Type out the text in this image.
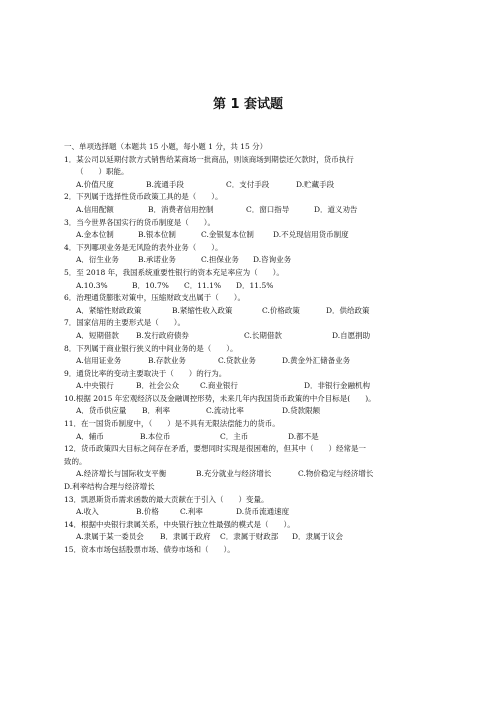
第 1 套试题
一、单项选择题（本题共 15 小题，每小题 1 分，共 15 分）
1．某公司以延期付款方式销售给某商场一批商品，则该商场到期偿还欠款时，货币执行
（　　）职能。
A.价值尺度	B.流通手段	C．支付手段	D.贮藏手段
2．下列属于选择性货币政策工具的是（　　）。
A.信用配额	B．消费者信用控制	C．窗口指导	D．道义劝告
3．当今世界各国实行的货币制度是（　　）。
A.金本位制	B.银本位制	C.金银复本位制	D.不兑现信用货币制度
4．下列哪项业务是无风险的表外业务（　　）。
A．衍生业务	B.承诺业务	C.担保业务	D.咨询业务
5．至 2018 年，我国系统重要性银行的资本充足率应为（　　）。
A.10.3%	B．10.7%	C．11.1%	D．11.5%
6．治理通货膨胀对策中，压缩财政支出属于（　　）。
A．紧缩性财政政策	B.紧缩性收入政策	C.价格政策	D．供给政策
7．国家信用的主要形式是（　　）。
A．短期借款	B.发行政府债券	C.长期借款	D.自愿捐助
8．下列属于商业银行狭义的中间业务的是（　　）。
A.信用证业务	B.存款业务	C.贷款业务	D.黄金外汇储备业务
9．通货比率的变动主要取决于（　　）的行为。
A.中央银行	B．社会公众	C.商业银行	D．非银行金融机构
10.根据 2015 年宏观经济以及金融调控形势，未来几年内我国货币政策的中介目标是(　　)。
A．货币供应量	B．利率	C.流动比率	D.贷款限额
11．在一国货币制度中，（　　）是不具有无限法偿能力的货币。
A．辅币	B.本位币	C．主币	D.都不是
12．货币政策四大目标之间存在矛盾，要想同时实现是很困难的，但其中（　　）经常是一
致的。
A.经济增长与国际收支平衡	B.充分就业与经济增长	C.物价稳定与经济增长
D.利率结构合理与经济增长
13．凯恩斯货币需求函数的最大贡献在于引入（　　）变量。
A.收入	B.价格	C.利率	D.货币流通速度
14．根据中央银行隶属关系，中央银行独立性最强的模式是（　　）。
A.隶属于某一委员会	B．隶属于政府	C．隶属于财政部	D．隶属于议会
15．资本市场包括股票市场、债券市场和（　　）。
